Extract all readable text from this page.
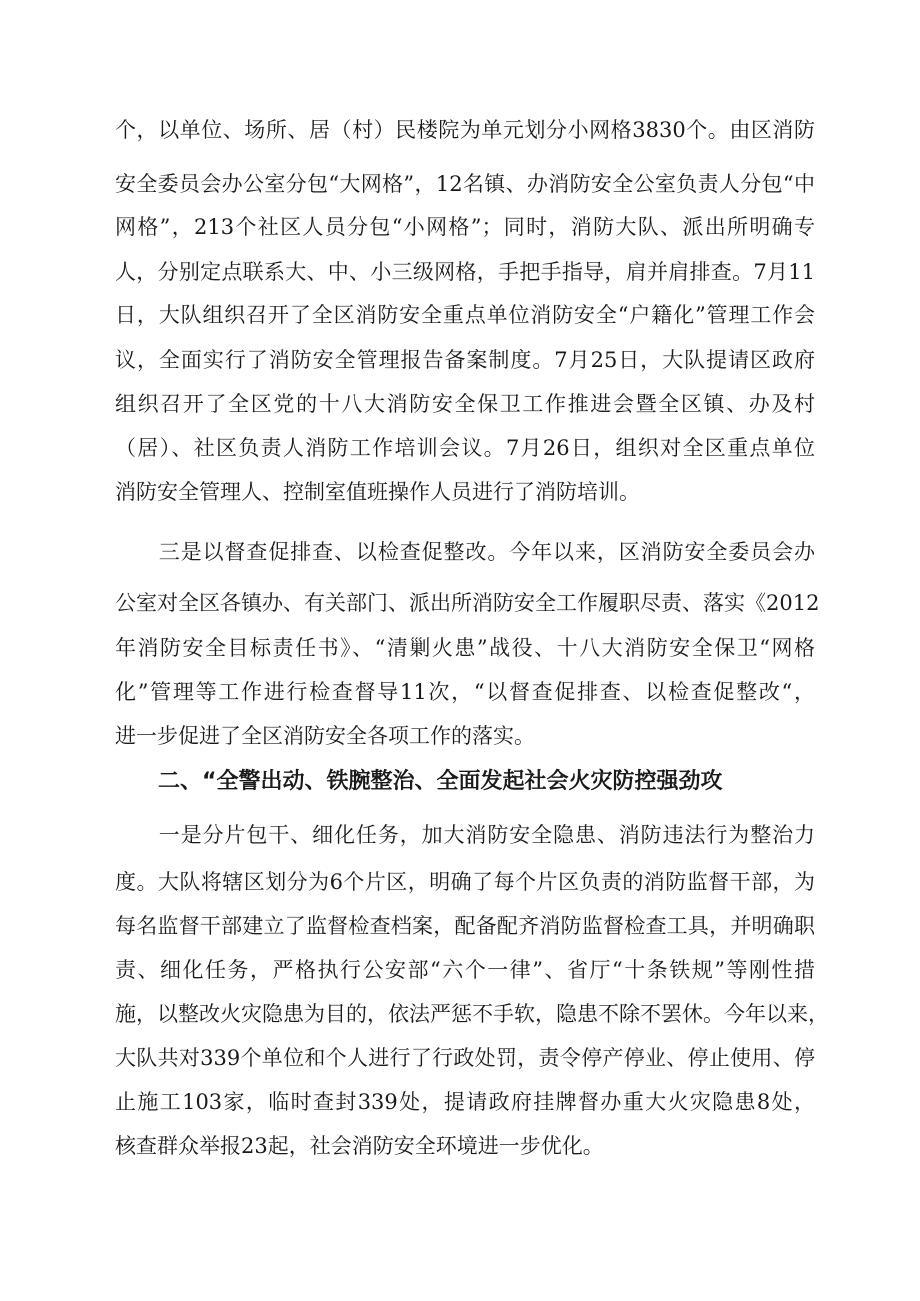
个，以单位、场所、居（村）民楼院为单元划分小网格3830个。由区消防
安全委员会办公室分包“大网格”，12名镇、办消防安全公室负责人分包“中
网格”，213个社区人员分包“小网格”；同时，消防大队、派出所明确专
人，分别定点联系大、中、小三级网格，手把手指导，肩并肩排查。7月11
日，大队组织召开了全区消防安全重点单位消防安全“户籍化”管理工作会
议，全面实行了消防安全管理报告备案制度。7月25日，大队提请区政府
组织召开了全区党的十八大消防安全保卫工作推进会暨全区镇、办及村
（居）、社区负责人消防工作培训会议。7月26日，组织对全区重点单位
消防安全管理人、控制室值班操作人员进行了消防培训。
　　三是以督查促排查、以检查促整改。今年以来，区消防安全委员会办
公室对全区各镇办、有关部门、派出所消防安全工作履职尽责、落实《2012
年消防安全目标责任书》、“清剿火患”战役、十八大消防安全保卫“网格
化”管理等工作进行检查督导11次，“以督查促排查、以检查促整改“，
进一步促进了全区消防安全各项工作的落实。
二、“全警出动、铁腕整治、全面发起社会火灾防控强劲攻
　　一是分片包干、细化任务，加大消防安全隐患、消防违法行为整治力
度。大队将辖区划分为6个片区，明确了每个片区负责的消防监督干部，为
每名监督干部建立了监督检查档案，配备配齐消防监督检查工具，并明确职
责、细化任务，严格执行公安部“六个一律”、省厅“十条铁规”等刚性措
施，以整改火灾隐患为目的，依法严惩不手软，隐患不除不罢休。今年以来，
大队共对339个单位和个人进行了行政处罚，责令停产停业、停止使用、停
止施工103家，临时查封339处，提请政府挂牌督办重大火灾隐患8处，
核查群众举报23起，社会消防安全环境进一步优化。
